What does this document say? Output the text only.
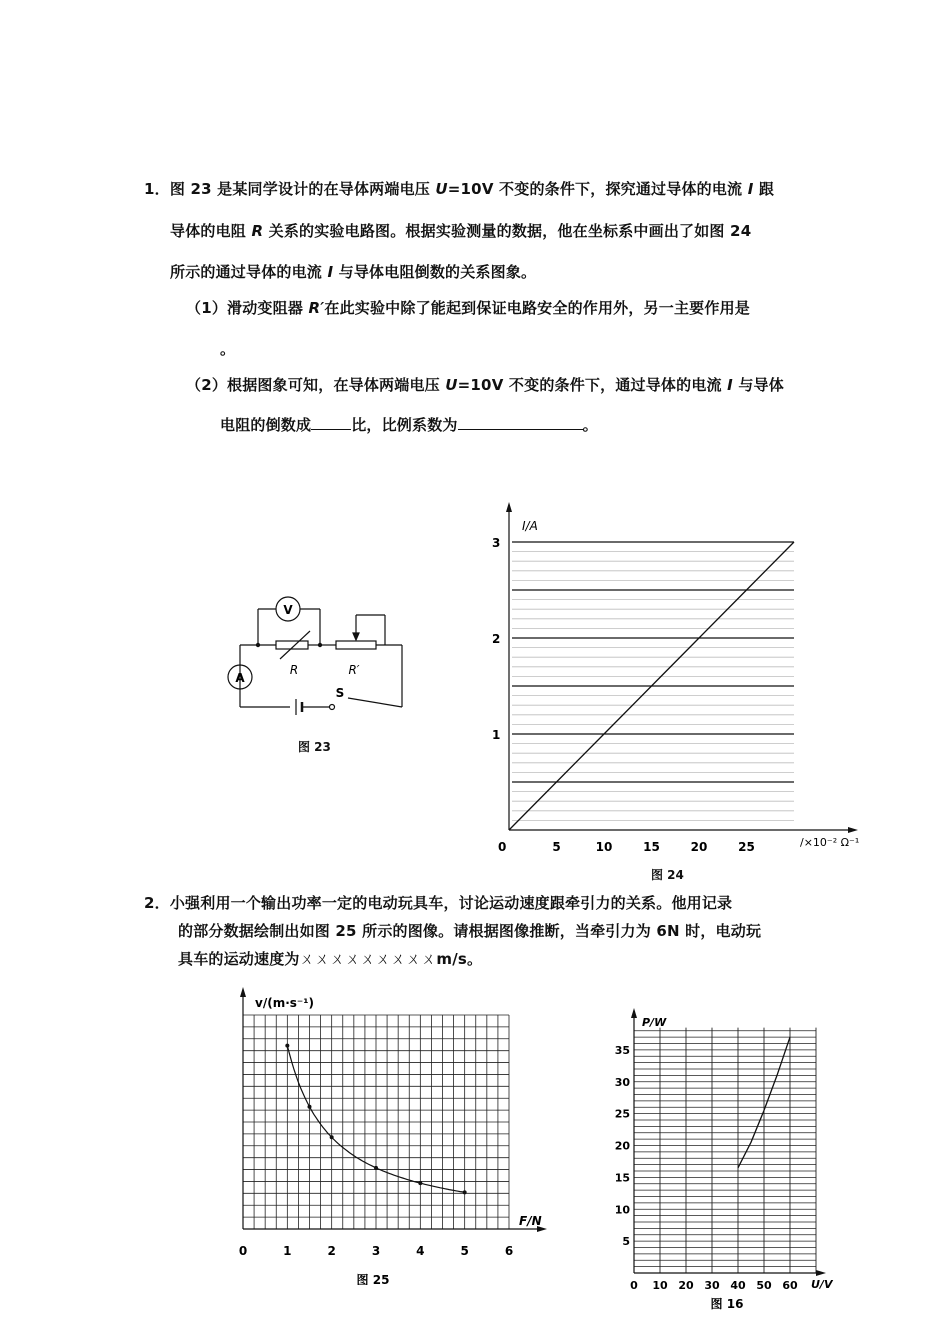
1．图 23 是某同学设计的在导体两端电压 U=10V 不变的条件下，探究通过导体的电流 I 跟
导体的电阻 R 关系的实验电路图。根据实验测量的数据，他在坐标系中画出了如图 24
所示的通过导体的电流 I 与导体电阻倒数的关系图象。
（1）滑动变阻器 R′在此实验中除了能起到保证电路安全的作用外，另一主要作用是
。
（2）根据图象可知，在导体两端电压 U=10V 不变的条件下，通过导体的电流 I 与导体
电阻的倒数成	比，比例系数为	。
V
A
R	R′
S
图 23
1
2
3
5	10	15	20	25
I/A
/×10⁻² Ω⁻¹
0
图 24
2．小强利用一个输出功率一定的电动玩具车，讨论运动速度跟牵引力的关系。他用记录
的部分数据绘制出如图 25 所示的图像。请根据图像推断，当牵引力为 6N 时，电动玩
具车的运动速度为ㄨㄨㄨㄨㄨㄨㄨㄨㄨm/s。
0	1	2	3	4	5	6
v/(m·s⁻¹)
F/N
图 25
5
10
15
20
25
30
35
0 10 20 30 40 50 60
P/W
U/V
图 16
